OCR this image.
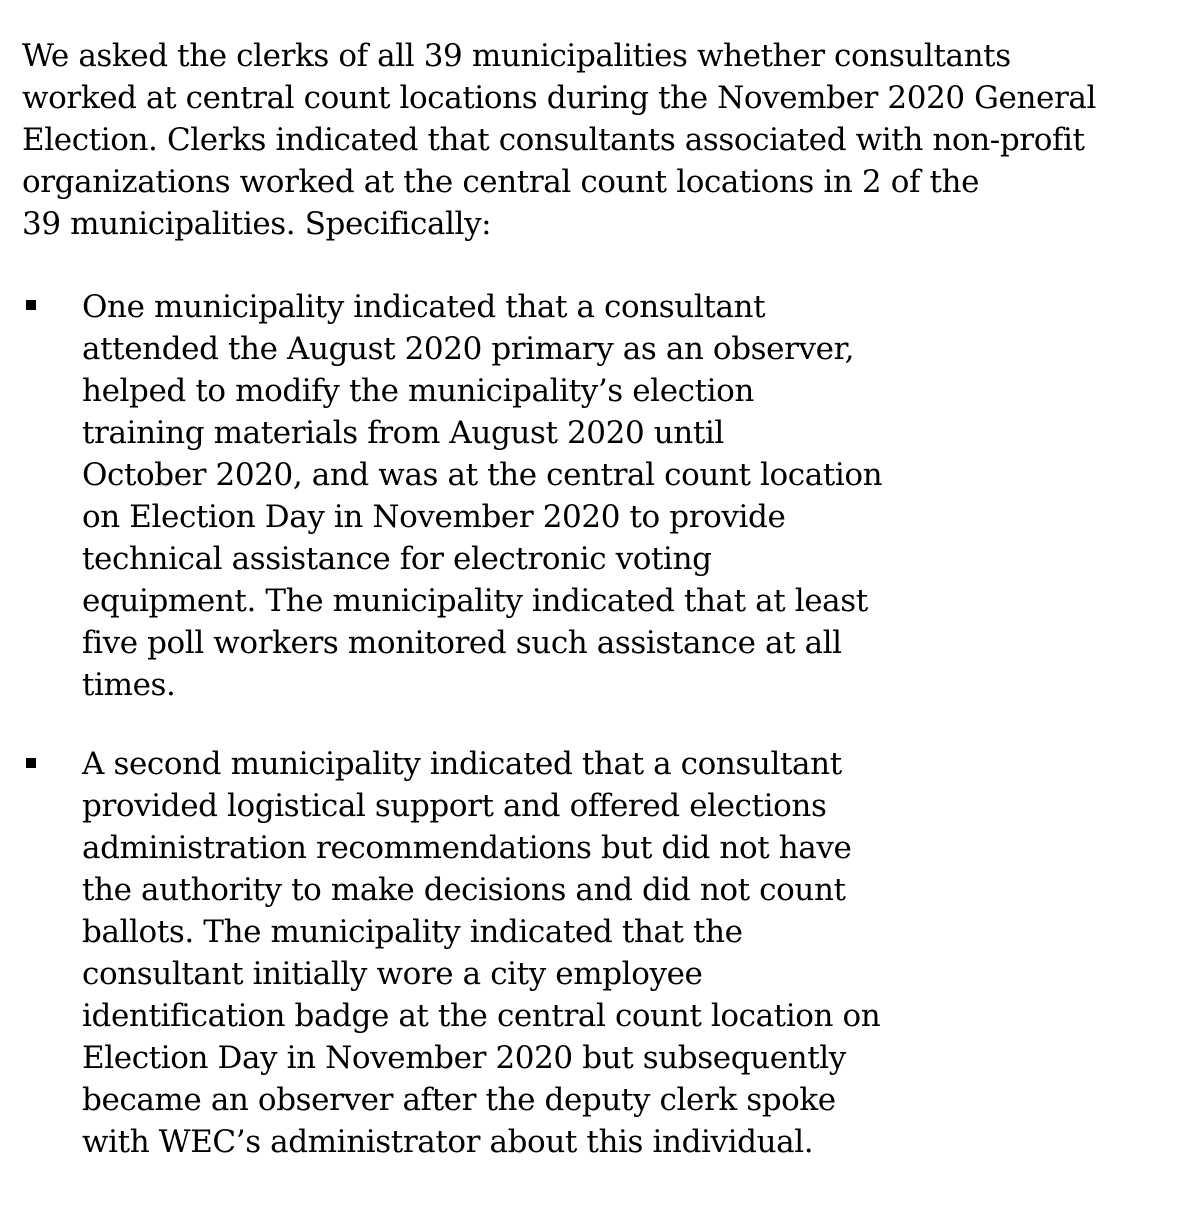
We asked the clerks of all 39 municipalities whether consultants
worked at central count locations during the November 2020 General
Election. Clerks indicated that consultants associated with non-profit
organizations worked at the central count locations in 2 of the
39 municipalities. Specifically:
One municipality indicated that a consultant
attended the August 2020 primary as an observer,
helped to modify the municipality’s election
training materials from August 2020 until
October 2020, and was at the central count location
on Election Day in November 2020 to provide
technical assistance for electronic voting
equipment. The municipality indicated that at least
five poll workers monitored such assistance at all
times.
A second municipality indicated that a consultant
provided logistical support and offered elections
administration recommendations but did not have
the authority to make decisions and did not count
ballots. The municipality indicated that the
consultant initially wore a city employee
identification badge at the central count location on
Election Day in November 2020 but subsequently
became an observer after the deputy clerk spoke
with WEC’s administrator about this individual.
